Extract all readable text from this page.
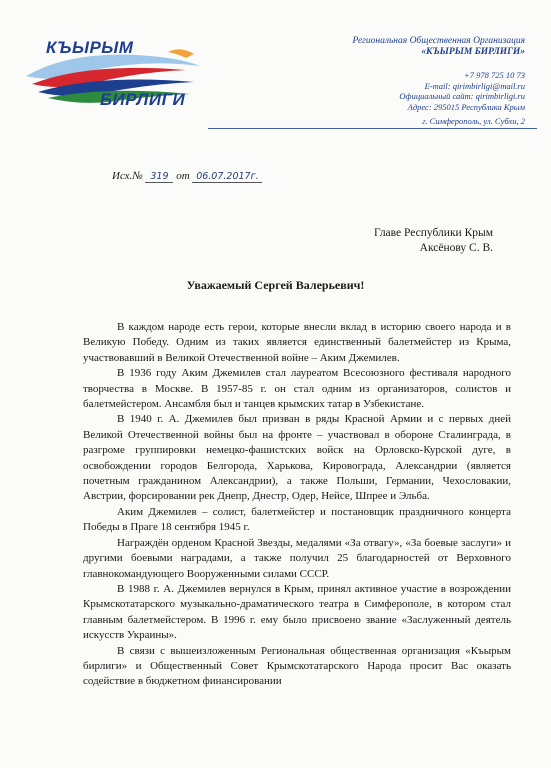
КЪЫРЫМ
БИРЛИГИ
Региональная Общественная Организация
«КЪЫРЫМ БИРЛИГИ»
+7 978 725 10 73
E-mail: qirimbirligi@mail.ru
Официальный сайт: qirimbirligi.ru
Адрес: 295015 Республика Крым
г. Симферополь, ул. Субхи, 2
Исх.№ 319 от 06.07.2017г.
Главе Республики Крым
Аксёнову С. В.
Уважаемый Сергей Валерьевич!

В каждом народе есть герои, которые внесли вклад в историю своего народа и в Великую Победу. Одним из таких является единственный балетмейстер из Крыма, участвовавший в Великой Отечественной войне – Аким Джемилев.

В 1936 году Аким Джемилев стал лауреатом Всесоюзного фестиваля народного творчества в Москве. В 1957-85 г. он стал одним из организаторов, солистов и балетмейстером. Ансамбля был и танцев крымских татар в Узбекистане.

В 1940 г. А. Джемилев был призван в ряды Красной Армии и с первых дней Великой Отечественной войны был на фронте – участвовал в обороне Сталинграда, в разгроме группировки немецко-фашистских войск на Орловско-Курской дуге, в освобождении городов Белгорода, Харькова, Кировограда, Александрии (является почетным гражданином Александрии), а также Польши, Германии, Чехословакии, Австрии, форсировании рек Днепр, Днестр, Одер, Нейсе, Шпрее и Эльба.

Аким Джемилев – солист, балетмейстер и постановщик праздничного концерта Победы в Праге 18 сентября 1945 г.

Награждён орденом Красной Звезды, медалями «За отвагу», «За боевые заслуги» и другими боевыми наградами, а также получил 25 благодарностей от Верховного главнокомандующего Вооруженными силами СССР.

В 1988 г. А. Джемилев вернулся в Крым, принял активное участие в возрождении Крымскотатарского музыкально-драматического театра в Симферополе, в котором стал главным балетмейстером. В 1996 г. ему было присвоено звание «Заслуженный деятель искусств Украины».

В связи с вышеизложенным Региональная общественная организация «Къырым бирлиги» и Общественный Совет Крымскотатарского Народа просит Вас оказать содействие в бюджетном финансировании
